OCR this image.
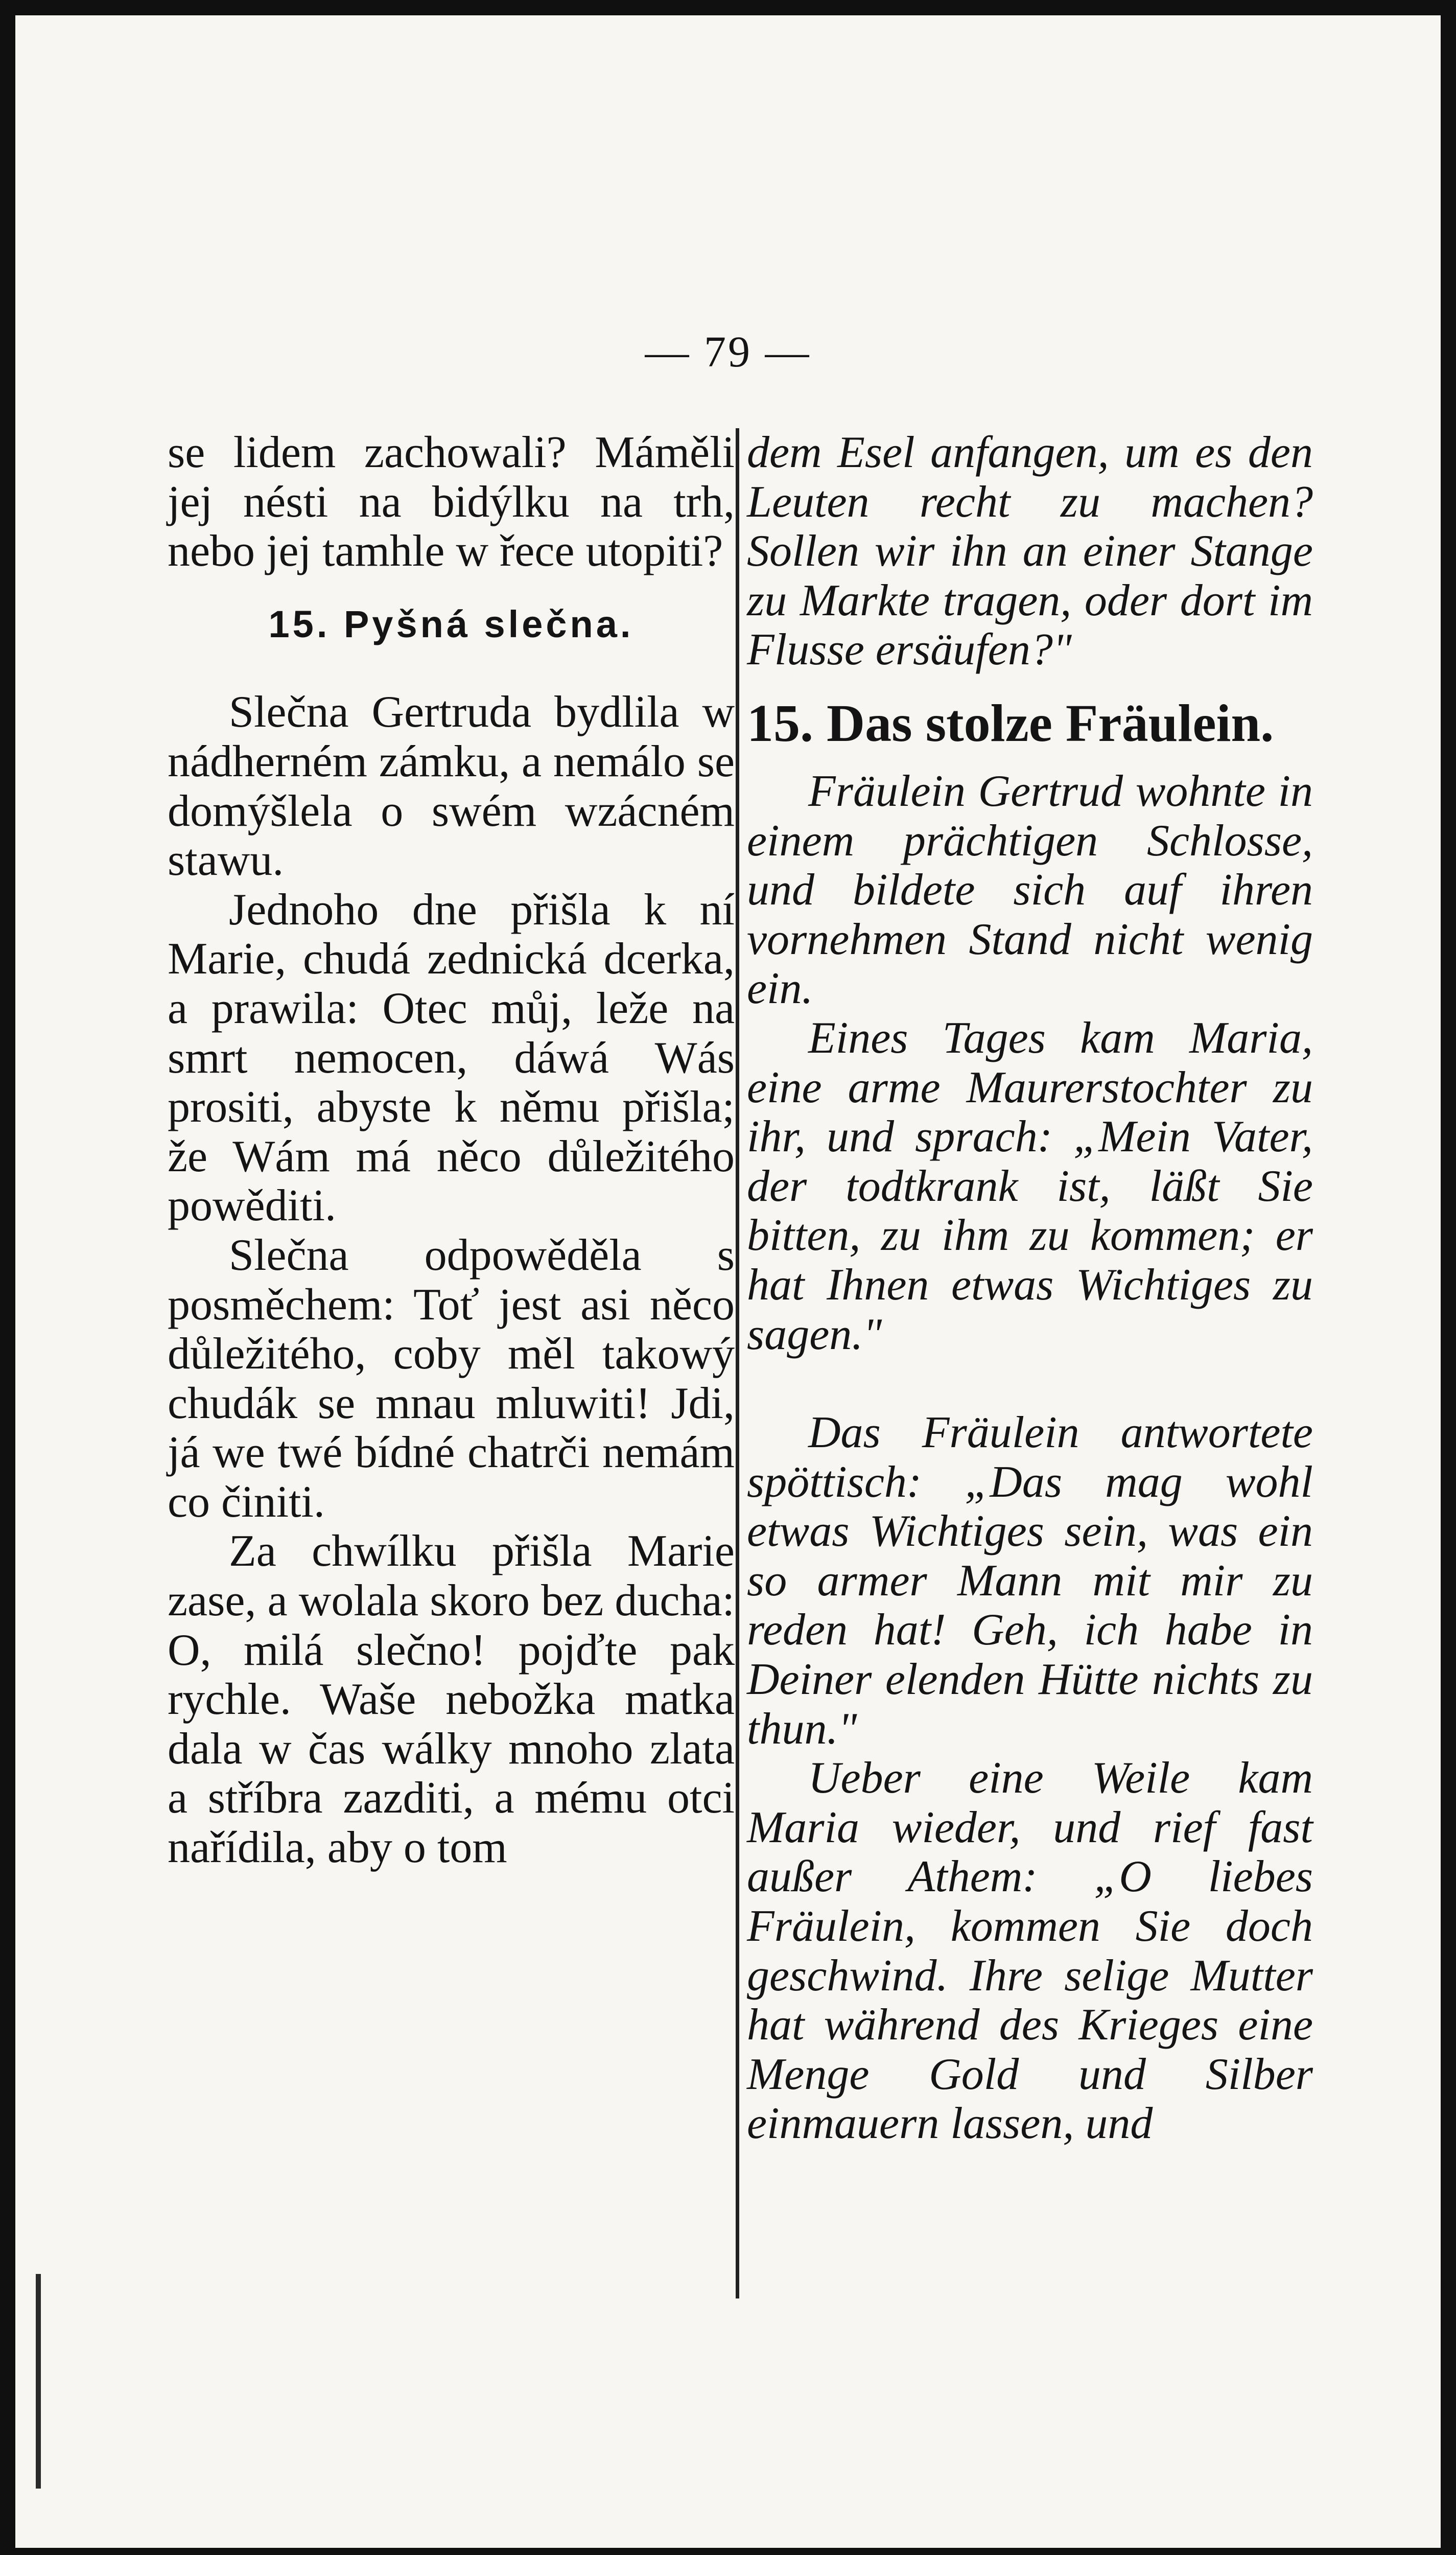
— 79 —

se lidem zachowali? Máměli jej nésti na bidýlku na trh, nebo jej tamhle w řece utopiti?

15. Pyšná slečna.

Slečna Gertruda bydlila w nádherném zámku, a nemálo se domýšlela o swém wzácném stawu.

Jednoho dne přišla k ní Marie, chudá zednická dcerka, a prawila: Otec můj, leže na smrt nemocen, dáwá Wás prositi, abyste k němu přišla; že Wám má něco důležitého powěditi.

Slečna odpowěděla s posměchem: Toť jest asi něco důležitého, coby měl takowý chudák se mnau mluwiti! Jdi, já we twé bídné chatrči nemám co činiti.

Za chwílku přišla Marie zase, a wolala skoro bez ducha: O, milá slečno! pojďte pak rychle. Waše nebožka matka dala w čas wálky mnoho zlata a stříbra zazditi, a mému otci nařídila, aby o tom

dem Esel anfangen, um es den Leuten recht zu machen? Sollen wir ihn an einer Stange zu Markte tragen, oder dort im Flusse ersäufen?"

15. Das stolze Fräulein.

Fräulein Gertrud wohnte in einem prächtigen Schlosse, und bildete sich auf ihren vornehmen Stand nicht wenig ein.

Eines Tages kam Maria, eine arme Maurerstochter zu ihr, und sprach: „Mein Vater, der todtkrank ist, läßt Sie bitten, zu ihm zu kommen; er hat Ihnen etwas Wichtiges zu sagen."

Das Fräulein antwortete spöttisch: „Das mag wohl etwas Wichtiges sein, was ein so armer Mann mit mir zu reden hat! Geh, ich habe in Deiner elenden Hütte nichts zu thun."

Ueber eine Weile kam Maria wieder, und rief fast außer Athem: „O liebes Fräulein, kommen Sie doch geschwind. Ihre selige Mutter hat während des Krieges eine Menge Gold und Silber einmauern lassen, und
